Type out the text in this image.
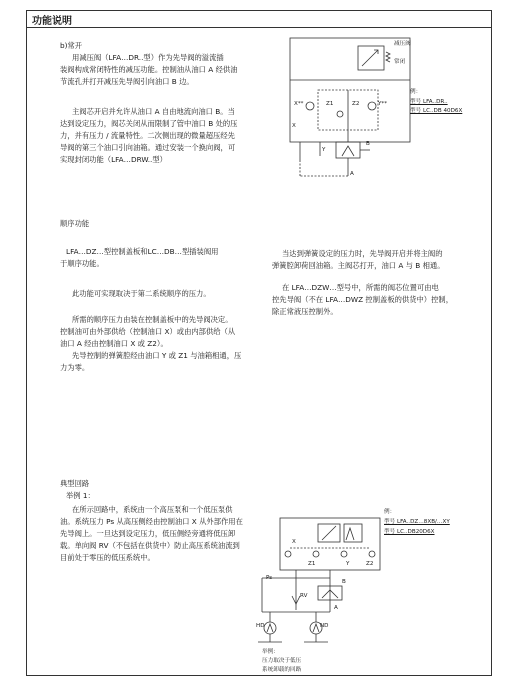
功能说明
b)常开
用减压阀（LFA…DR..型）作为先导阀的溢流插
装阀构成常闭特性的减压功能。控制油从油口 A 经供油
节流孔并打开减压先导阀引向油口 B 边。
主阀芯开启并允许从油口 A 自由地流向油口 B。当
达到设定压力，阀芯关闭从而限制了管中油口 B 处的压
力，并有压力 / 流量特性。二次侧出现的微量超压经先
导阀的第三个油口引向油箱。通过安装一个换向阀，可
实现封闭功能（LFA…DRW..型）
顺序功能
LFA…DZ…型控制盖板和LC…DB…型插装阀用
于顺序功能。
此功能可实现取决于第二系统顺序的压力。
所需的顺序压力由装在控制盖板中的先导阀决定。
控制油可由外部供给（控制油口 X）或由内部供给（从
油口 A 经由控制油口 X 或 Z2）。
先导控制的弹簧腔经由油口 Y 或 Z1 与油箱相通，压
力为零。
典型回路
举例 1：
在所示回路中，系统由一个高压泵和一个低压泵供
油。系统压力 Ps 从高压侧经由控制油口 X 从外部作用在
先导阀上。一旦达到设定压力，低压侧经旁通将低压卸
载。单向阀 RV（不包括在供货中）防止高压系统油流到
目前处于零压的低压系统中。
当达到弹簧设定的压力时，先导阀开启并将主阀的
弹簧腔卸荷回油箱。主阀芯打开，油口 A 与 B 相通。
在 LFA…DZW…型号中，所需的阀芯位置可由电
控先导阀（不在 LFA…DWZ 控制盖板的供货中）控制，
除正常液压控制外。
减压阀
常闭
例：
型号 LFA..DR..
型号 LC..DB 40D6X
X**	Y**
X
Y
B
A
Z1	Z2
例：
型号 LFA..DZ…8XB/…XY
型号 LC..DB20D6X
Ps
X
Y
RV
A
B
HD	ND
Z1	Z2
举例：
压力取决于低压
系统卸载的回路
